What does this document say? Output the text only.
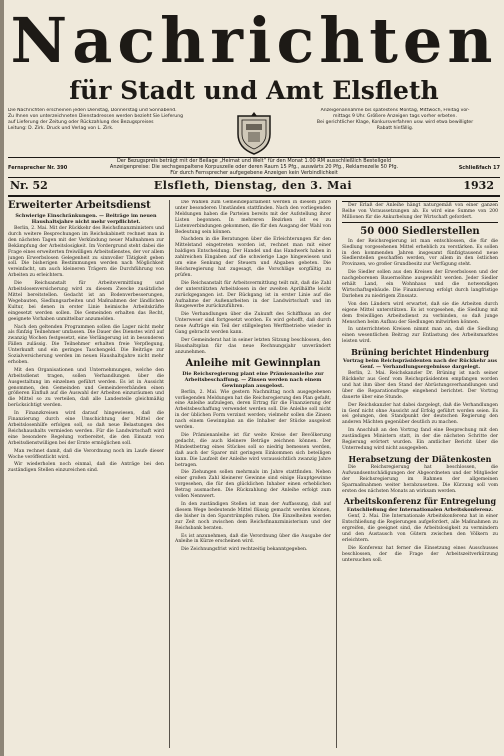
Nachrichten
für Stadt und Amt Elsfleth
Die Nachrichten erscheinen jeden Dienstag, Donnerstag und Sonnabend.
Zu Ihnen von unterzeichneten Dienstadressen werden bezieht Sie Lieferung
auf Lieferung der Zeitung oder Rückzahlung des Bezugspreises
Leitung: D. Zirk. Druck und Verlag von L. Zirk.
Anzeigenannahme bis spätestens Montag, Mittwoch, Freitag vor-
mittags 9 Uhr. Größere Anzeigen tags vorher erbeten.
Bei gerichtlicher Klage, Konkursverfahren usw. wird etwa bewilligter
Rabatt hinfällig.
Fernsprecher Nr. 390
Der Bezugspreis beträgt mit der Beilage „Heimat und Welt“ für den Monat 1.00 RM ausschließlich Bestellgeld
Anzeigenpreise: Die sechsgespaltene Korpuszeile oder deren Raum 15 Pfg., auswärts 20 Pfg., Reklamezeile 50 Pfg.
Für durch Fernsprecher aufgegebene Anzeigen kein Verbindlichkeit
Schließfach 17
Nr. 52	Elsfleth, Dienstag, den 3. Mai	1932
Erweiterter Arbeitsdienst
Schwierige Einschränkungen. — Beiträge im neuen Haushaltsjahre nicht mehr verpflichtet.

Berlin, 2. Mai. Mit der Rückkehr des Reichsfinanzministers und durch weitere Besprechungen im Reichskabinett rechnet man in den nächsten Tagen mit der Verkündung neuer Maßnahmen zur Bekämpfung der Arbeitslosigkeit. Im Vordergrund steht dabei die Frage eines erweiterten freiwilligen Arbeitsdienstes, der vor allem jungen Erwerbslosen Gelegenheit zu sinnvoller Tätigkeit geben soll. Die bisherigen Bestimmungen werden nach Möglichkeit vereinfacht, um auch kleineren Trägern die Durchführung von Arbeiten zu erleichtern.

Die Reichsanstalt für Arbeitsvermittlung und Arbeitslosenversicherung wird zu diesem Zwecke zusätzliche Mittel bereitstellen. Gedacht ist an Bodenverbesserungen, Wegebauten, Siedlungsarbeiten und Maßnahmen der ländlichen Kultur, bei denen in erster Linie heimische Arbeitskräfte eingesetzt werden sollen. Die Gemeinden erhalten das Recht, geeignete Vorhaben unmittelbar anzumelden.

Nach den geltenden Programmen sollen die Lager nicht mehr als fünfzig Teilnehmer umfassen. Die Dauer des Dienstes wird auf zwanzig Wochen festgesetzt, eine Verlängerung ist in besonderen Fällen zulässig. Die Teilnehmer erhalten freie Verpflegung, Unterkunft und ein geringes Taschengeld. Die Beiträge zur Sozialversicherung werden im neuen Haushaltsjahre nicht mehr erhoben.

Mit den Organisationen und Unternehmungen, welche den Arbeitsdienst tragen, sollen Verhandlungen über die Ausgestaltung im einzelnen geführt werden. Es ist in Aussicht genommen, den Gemeinden und Gemeindeverbänden einen größeren Einfluß auf die Auswahl der Arbeiten einzuräumen und die Mittel so zu verteilen, daß alle Landesteile gleichmäßig berücksichtigt werden.

In Finanzkreisen wird darauf hingewiesen, daß die Finanzierung durch eine Umschichtung der Mittel der Arbeitslosenhilfe erfolgen soll, so daß neue Belastungen des Reichshaushalts vermieden werden. Für die Landwirtschaft wird eine besondere Regelung vorbereitet, die den Einsatz von Arbeitsdienstwilligen bei der Ernte ermöglichen soll.

Man rechnet damit, daß die Verordnung noch im Laufe dieser Woche veröffentlicht wird.

Wir wiederholen noch einmal, daß die Anträge bei den zuständigen Stellen einzureichen sind.

Die Wahlen zum Gemeindeparlament werden in diesem Jahre unter besonderen Umständen stattfinden. Nach den vorliegenden Meldungen haben die Parteien bereits mit der Aufstellung ihrer Listen begonnen. In mehreren Bezirken ist es zu Listenverbindungen gekommen, die für den Ausgang der Wahl von Bedeutung sein können.

Nachdem in die Beratungen über die Erleichterungen für den Mittelstand eingetreten worden ist, rechnet man mit einer baldigen Entscheidung. Der Handel und das Handwerk haben in zahlreichen Eingaben auf die schwierige Lage hingewiesen und um eine Senkung der Steuern und Abgaben gebeten. Die Reichsregierung hat zugesagt, die Vorschläge sorgfältig zu prüfen.

Die Reichsanstalt für Arbeitsvermittlung teilt mit, daß die Zahl der unterstützten Arbeitslosen in der zweiten Aprilhälfte leicht zurückgegangen ist. Der Rückgang ist in erster Linie auf die Aufnahme der Außenarbeiten in der Landwirtschaft und im Baugewerbe zurückzuführen.

Die Verhandlungen über die Zukunft des Schiffbaus an der Unterweser sind fortgesetzt worden. Es wird gehofft, daß durch neue Aufträge ein Teil der stillgelegten Werftbetriebe wieder in Gang gebracht werden kann.

Der Gemeinderat hat in seiner letzten Sitzung beschlossen, den Haushaltsplan für das neue Rechnungsjahr unverändert anzunehmen.

Anleihe mit Gewinnplan
Die Reichsregierung plant eine Prämienanleihe zur Arbeitsbeschaffung. — Zinsen werden nach einem Gewinnplan ausgelost.

Berlin, 2. Mai. Wie gestern Nachmittag noch ausgegebenen vorliegenden Meldungen hat die Reichsregierung den Plan gefaßt, eine Anleihe aufzulegen, deren Ertrag für die Finanzierung der Arbeitsbeschaffung verwendet werden soll. Die Anleihe soll nicht in der üblichen Form verzinst werden; vielmehr sollen die Zinsen nach einem Gewinnplan an die Inhaber der Stücke ausgelost werden.

Die Prämienanleihe ist für weite Kreise der Bevölkerung gedacht, die auch kleinere Beträge zeichnen können. Der Mindestbetrag eines Stückes soll so niedrig bemessen werden, daß auch der Sparer mit geringem Einkommen sich beteiligen kann. Die Laufzeit der Anleihe wird voraussichtlich zwanzig Jahre betragen.

Die Ziehungen sollen mehrmals im Jahre stattfinden. Neben einer großen Zahl kleinerer Gewinne sind einige Hauptgewinne vorgesehen, die für den glücklichen Inhaber einen erheblichen Betrag ausmachen. Die Rückzahlung der Anleihe erfolgt zum vollen Nennwert.

In den zuständigen Stellen ist man der Auffassung, daß auf diesem Wege bedeutende Mittel flüssig gemacht werden können, die bisher in den Sparstrümpfen ruhen. Die Einzelheiten werden zur Zeit noch zwischen dem Reichsfinanzministerium und der Reichsbank beraten.

Es ist anzunehmen, daß die Verordnung über die Ausgabe der Anleihe in Kürze erscheinen wird.

Die Zeichnungsfrist wird rechtzeitig bekanntgegeben.

Der Erlaß der Anleihe hängt naturgemäß von einer ganzen Reihe von Voraussetzungen ab. Es wird eine Summe von 200 Millionen für die Ankurbelung der Wirtschaft gefordert.

50 000 Siedlerstellen

In der Reichsregierung ist man entschlossen, die für die Siedlung vorgesehenen Mittel erheblich zu verstärken. Es sollen in den kommenden Jahren insgesamt fünfzigtausend neue Siedlerstellen geschaffen werden, vor allem in den östlichen Provinzen, wo großer Grundbesitz zur Verfügung steht.

Die Siedler sollen aus den Kreisen der Erwerbslosen und der nachgeborenen Bauernsöhne ausgewählt werden. Jeder Siedler erhält Land, ein Wohnhaus und die notwendigen Wirtschaftsgebäude. Die Finanzierung erfolgt durch langfristige Darlehen zu niedrigem Zinssatz.

Von den Ländern wird erwartet, daß sie die Arbeiten durch eigene Mittel unterstützen. Es ist vorgesehen, die Siedlung mit dem freiwilligen Arbeitsdienst zu verbinden, so daß junge Menschen beim Aufbau der Siedlungen mitwirken können.

In unterrichteten Kreisen nimmt man an, daß die Siedlung einen wesentlichen Beitrag zur Entlastung des Arbeitsmarktes leisten wird.

Brüning berichtet Hindenburg
Vortrag beim Reichspräsidenten nach der Rückkehr aus Genf. — Verhandlungsergebnisse dargelegt.

Berlin, 2. Mai. Reichskanzler Dr. Brüning ist nach seiner Rückkehr aus Genf vom Reichspräsidenten empfangen worden und hat ihm über den Stand der Abrüstungsverhandlungen und über die Reparationsfrage eingehend berichtet. Der Vortrag dauerte über eine Stunde.

Der Reichskanzler hat dabei dargelegt, daß die Verhandlungen in Genf nicht ohne Aussicht auf Erfolg geführt worden seien. Es sei gelungen, den Standpunkt der deutschen Regierung den anderen Mächten gegenüber deutlich zu machen.

Im Anschluß an den Vortrag fand eine Besprechung mit den zuständigen Ministern statt, in der die nächsten Schritte der Regierung erörtert wurden. Ein amtlicher Bericht über die Unterredung wird nicht ausgegeben.

Herabsetzung der Diätenkosten

Die Reichsregierung hat beschlossen, die Aufwandsentschädigungen der Abgeordneten und der Mitglieder der Reichsregierung im Rahmen der allgemeinen Sparmaßnahmen weiter herabzusetzen. Die Kürzung soll vom ersten des nächsten Monats an wirksam werden.

Arbeitskonferenz für Entregelung
Entschließung der Internationalen Arbeitskonferenz.

Genf, 2. Mai. Die Internationale Arbeitskonferenz hat in einer Entschließung die Regierungen aufgefordert, alle Maßnahmen zu ergreifen, die geeignet sind, die Arbeitslosigkeit zu vermindern und den Austausch von Gütern zwischen den Völkern zu erleichtern.

Die Konferenz hat ferner die Einsetzung eines Ausschusses beschlossen, der die Frage der Arbeitszeitverkürzung untersuchen soll.
